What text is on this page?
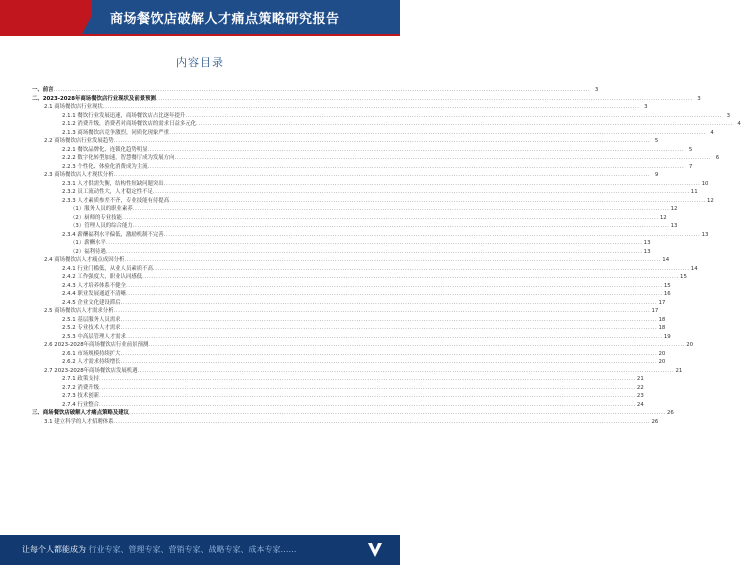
商场餐饮店破解人才痛点策略研究报告
内容目录
一、前言 .....	3
二、2023-2028年商场餐饮店行业现状及前景预测 .....	3
2.1 商场餐饮店行业现状 .....	3
2.1.1 餐饮行业发展迅速，商场餐饮店占比逐年提升 .....	3
2.1.2 消费升级，消费者对商场餐饮店的需求日益多元化 .....	4
2.1.3 商场餐饮店竞争激烈，同质化现象严重 .....	4
2.2 商场餐饮店行业发展趋势 .....	5
2.2.1 餐饮品牌化、连锁化趋势明显 .....	5
2.2.2 数字化转型加速，智慧餐厅成为发展方向 .....	6
2.2.3 个性化、体验化消费成为主流 .....	7
2.3 商场餐饮店人才现状分析 .....	9
2.3.1 人才供需失衡，结构性短缺问题突出 .....	10
2.3.2 员工流动性大，人才稳定性不足 .....	11
2.3.3 人才素质参差不齐，专业技能有待提高 .....	12
（1）服务人员的职业素养 .....	12
（2）厨师的专业技能 .....	12
（3）管理人员的综合能力 .....	13
2.3.4 薪酬福利水平偏低，激励机制不完善 .....	13
（1）薪酬水平 .....	13
（2）福利待遇 .....	13
2.4 商场餐饮店人才痛点成因分析 .....	14
2.4.1 行业门槛低，从业人员素质不高 .....	14
2.4.2 工作强度大，职业认同感低 .....	15
2.4.3 人才培养体系不健全 .....	15
2.4.4 职业发展通道不清晰 .....	16
2.4.5 企业文化建设滞后 .....	17
2.5 商场餐饮店人才需求分析 .....	17
2.5.1 基层服务人员需求 .....	18
2.5.2 专业技术人才需求 .....	18
2.5.3 中高层管理人才需求 .....	19
2.6 2023-2028年商场餐饮店行业前景预测 .....	20
2.6.1 市场规模持续扩大 .....	20
2.6.2 人才需求持续增长 .....	20
2.7 2023-2028年商场餐饮店发展机遇 .....	21
2.7.1 政策支持 .....	21
2.7.2 消费升级 .....	22
2.7.3 技术创新 .....	23
2.7.4 行业整合 .....	24
三、商场餐饮店破解人才痛点策略及建议 .....	26
3.1 建立科学的人才招聘体系 .....	26
让每个人都能成为 行业专家、管理专家、营销专家、战略专家、成本专家……
